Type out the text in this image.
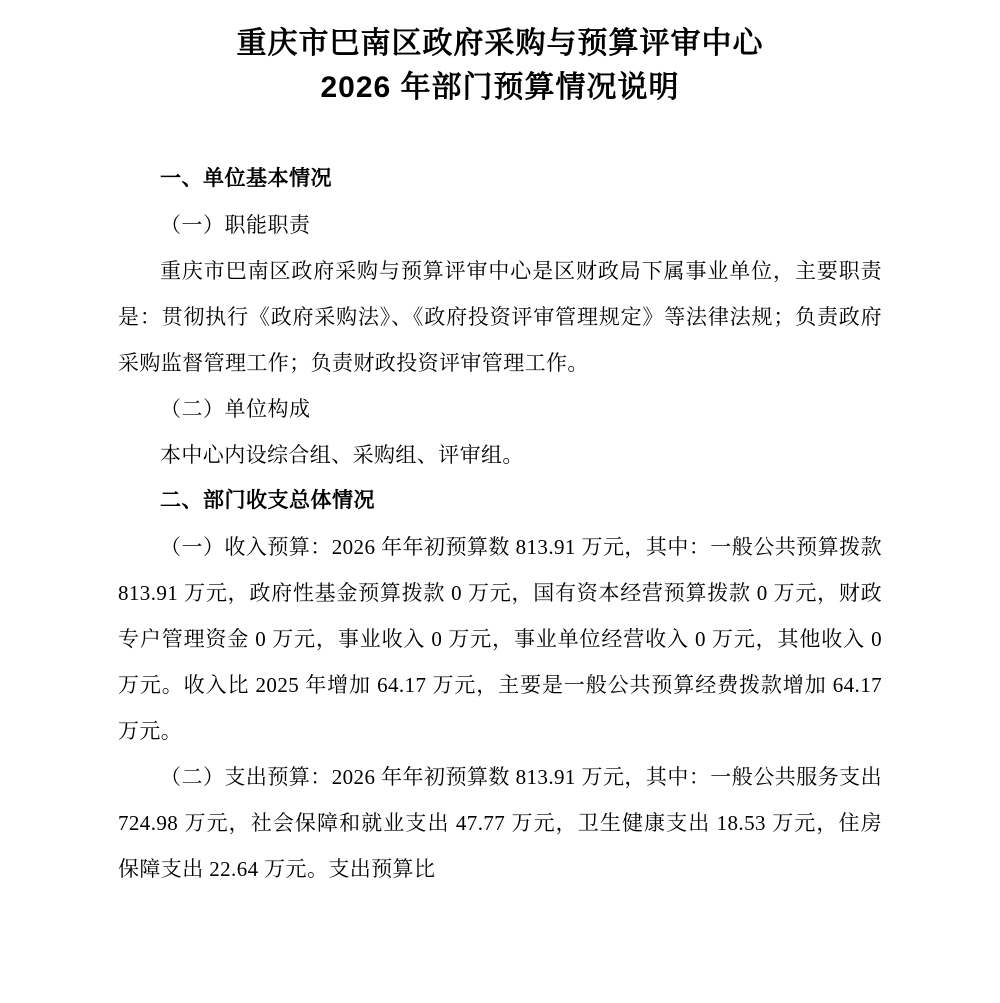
重庆市巴南区政府采购与预算评审中心
2026 年部门预算情况说明

一、单位基本情况

（一）职能职责

重庆市巴南区政府采购与预算评审中心是区财政局下属事业单位，主要职责是：贯彻执行《政府采购法》、《政府投资评审管理规定》等法律法规；负责政府采购监督管理工作；负责财政投资评审管理工作。

（二）单位构成

本中心内设综合组、采购组、评审组。

二、部门收支总体情况

（一）收入预算：2026 年年初预算数 813.91 万元，其中：一般公共预算拨款 813.91 万元，政府性基金预算拨款 0 万元，国有资本经营预算拨款 0 万元，财政专户管理资金 0 万元，事业收入 0 万元，事业单位经营收入 0 万元，其他收入 0 万元。收入比 2025 年增加 64.17 万元，主要是一般公共预算经费拨款增加 64.17 万元。

（二）支出预算：2026 年年初预算数 813.91 万元，其中：一般公共服务支出 724.98 万元，社会保障和就业支出 47.77 万元，卫生健康支出 18.53 万元，住房保障支出 22.64 万元。支出预算比
